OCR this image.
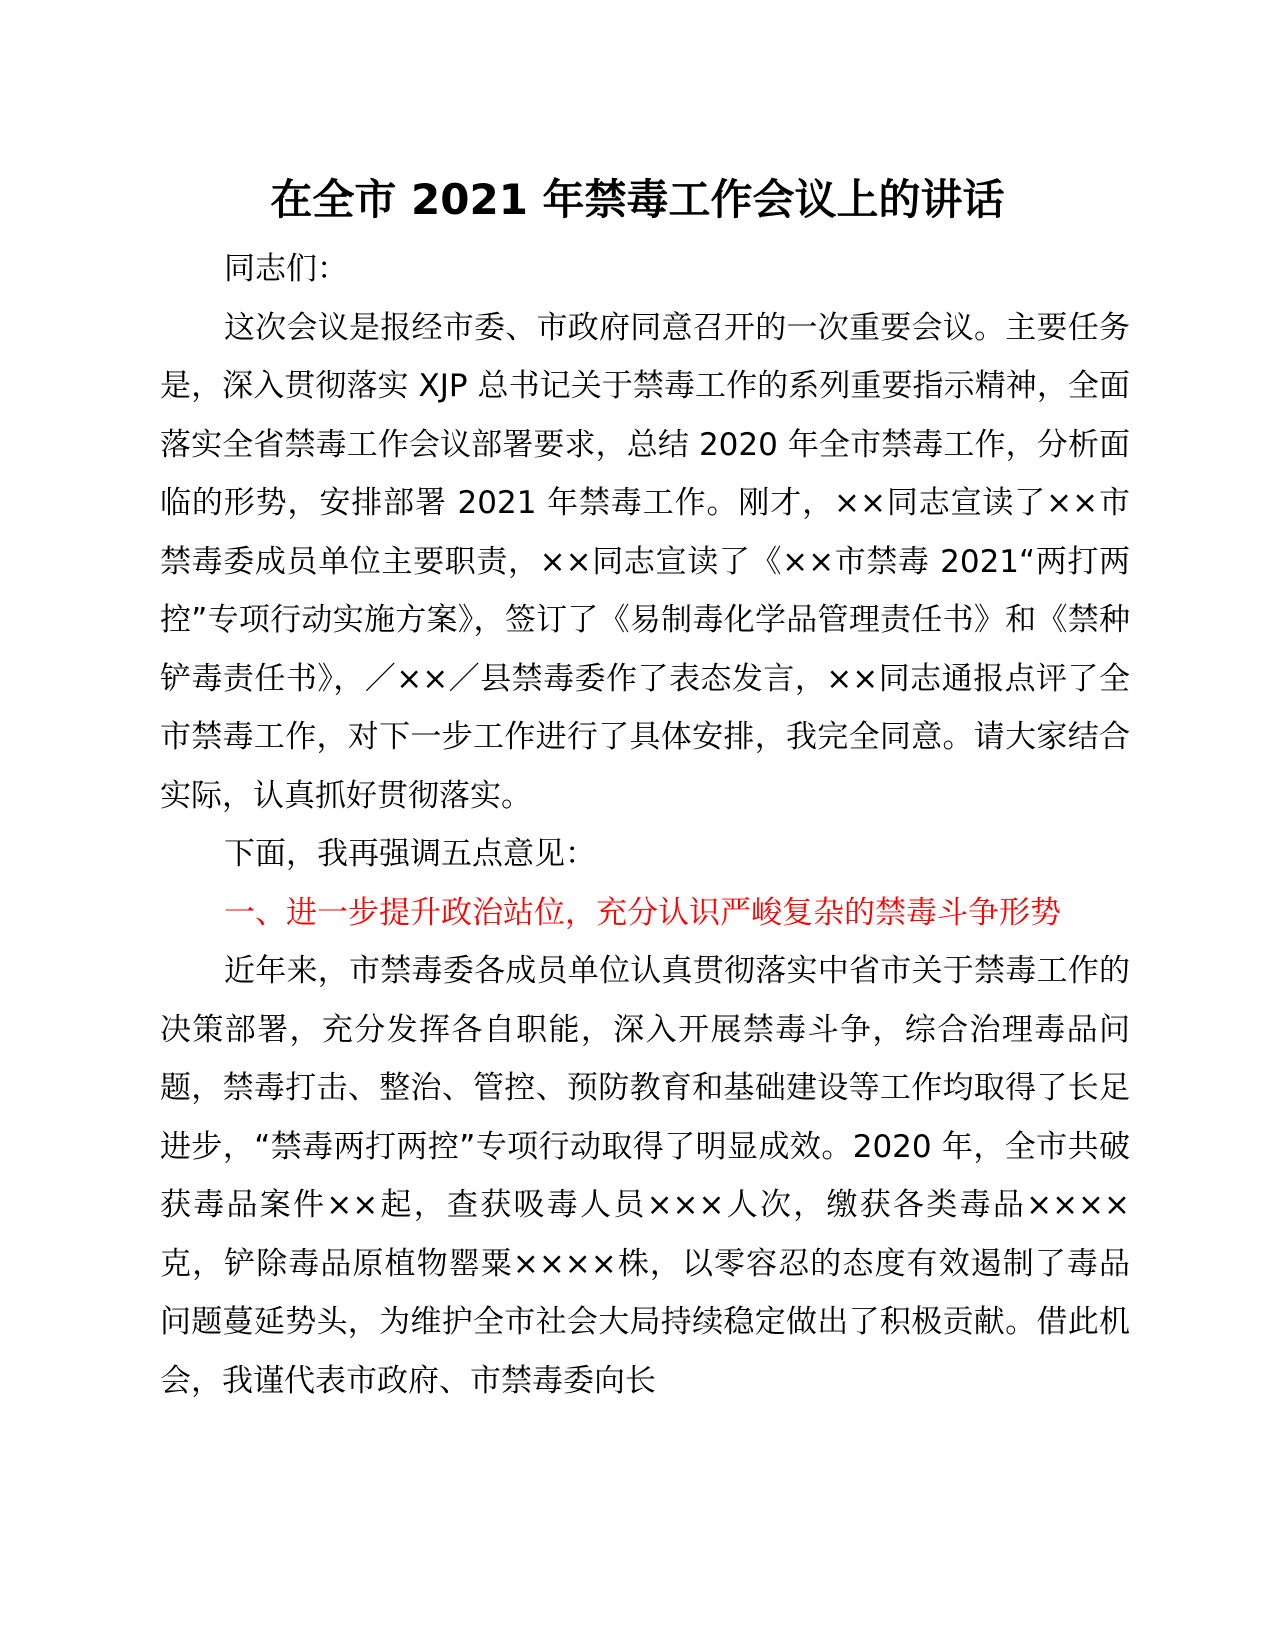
在全市 2021 年禁毒工作会议上的讲话

同志们：

这次会议是报经市委、市政府同意召开的一次重要会议。主要任务是，深入贯彻落实 XJP 总书记关于禁毒工作的系列重要指示精神，全面落实全省禁毒工作会议部署要求，总结 2020 年全市禁毒工作，分析面临的形势，安排部署 2021 年禁毒工作。刚才，××同志宣读了××市禁毒委成员单位主要职责，××同志宣读了《××市禁毒 2021“两打两控”专项行动实施方案》，签订了《易制毒化学品管理责任书》和《禁种铲毒责任书》，／××／县禁毒委作了表态发言，××同志通报点评了全市禁毒工作，对下一步工作进行了具体安排，我完全同意。请大家结合实际，认真抓好贯彻落实。

下面，我再强调五点意见：

一、进一步提升政治站位，充分认识严峻复杂的禁毒斗争形势

近年来，市禁毒委各成员单位认真贯彻落实中省市关于禁毒工作的决策部署，充分发挥各自职能，深入开展禁毒斗争，综合治理毒品问题，禁毒打击、整治、管控、预防教育和基础建设等工作均取得了长足进步，“禁毒两打两控”专项行动取得了明显成效。2020 年，全市共破获毒品案件××起，查获吸毒人员×××人次，缴获各类毒品××××克，铲除毒品原植物罂粟××××株，以零容忍的态度有效遏制了毒品问题蔓延势头，为维护全市社会大局持续稳定做出了积极贡献。借此机会，我谨代表市政府、市禁毒委向长
